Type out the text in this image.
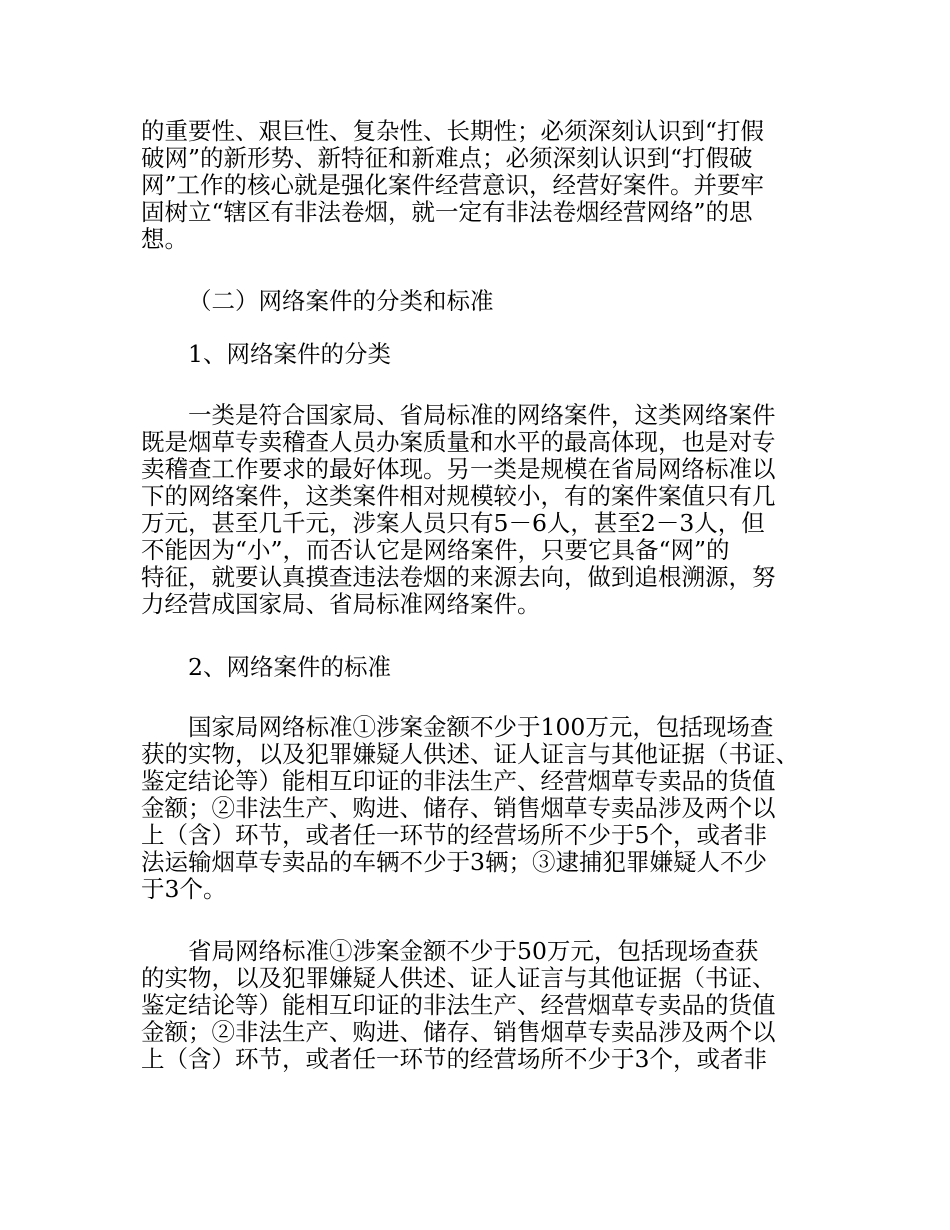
的重要性、艰巨性、复杂性、长期性；必须深刻认识到“打假

破网”的新形势、新特征和新难点；必须深刻认识到“打假破

网”工作的核心就是强化案件经营意识，经营好案件。并要牢

固树立“辖区有非法卷烟，就一定有非法卷烟经营网络”的思

想。

（二）网络案件的分类和标准

1、网络案件的分类

一类是符合国家局、省局标准的网络案件，这类网络案件

既是烟草专卖稽查人员办案质量和水平的最高体现，也是对专

卖稽查工作要求的最好体现。另一类是规模在省局网络标准以

下的网络案件，这类案件相对规模较小，有的案件案值只有几

万元，甚至几千元，涉案人员只有5－6人，甚至2－3人，但

不能因为“小”，而否认它是网络案件，只要它具备“网”的

特征，就要认真摸查违法卷烟的来源去向，做到追根溯源，努

力经营成国家局、省局标准网络案件。

2、网络案件的标准

国家局网络标准①涉案金额不少于100万元，包括现场查

获的实物，以及犯罪嫌疑人供述、证人证言与其他证据（书证、

鉴定结论等）能相互印证的非法生产、经营烟草专卖品的货值

金额；②非法生产、购进、储存、销售烟草专卖品涉及两个以

上（含）环节，或者任一环节的经营场所不少于5个，或者非

法运输烟草专卖品的车辆不少于3辆；③逮捕犯罪嫌疑人不少

于3个。

省局网络标准①涉案金额不少于50万元，包括现场查获

的实物，以及犯罪嫌疑人供述、证人证言与其他证据（书证、

鉴定结论等）能相互印证的非法生产、经营烟草专卖品的货值

金额；②非法生产、购进、储存、销售烟草专卖品涉及两个以

上（含）环节，或者任一环节的经营场所不少于3个，或者非
